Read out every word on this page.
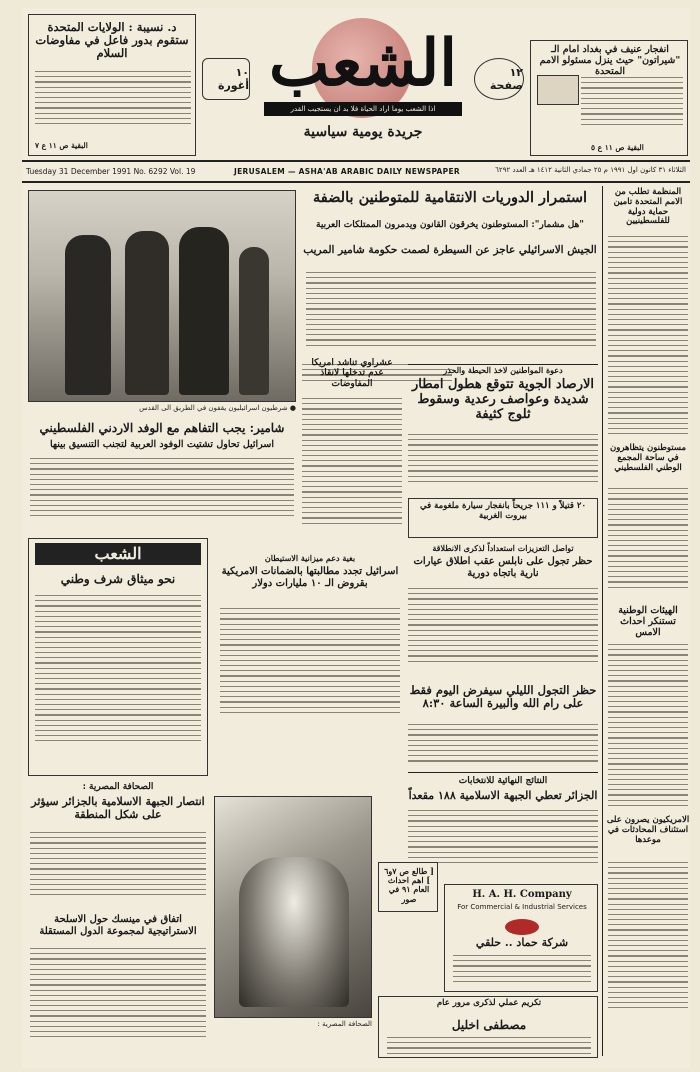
د. نسيبة : الولايات المتحدة ستقوم بدور فاعل في مفاوضات السلام
البقية ص ١١ ع ٧
١٠ أغورة الشعب
اذا الشعب يوما اراد الحياة فلا بد ان يستجيب القدر
جريدة يومية سياسية
١٢ صفحة
انفجار عنيف في بغداد امام الـ "شيراتون" حيث ينزل مسئولو الامم المتحدة
البقية ص ١١ ع ٥
Tuesday 31 December 1991 No. 6292 Vol. 19	JERUSALEM — ASHA'AB ARABIC DAILY NEWSPAPER	الثلاثاء ٣١ كانون اول ١٩٩١ م ٢٥ جمادي الثانية ١٤١٢ هـ العدد ٦٢٩٢
المنظمة تطلب من الامم المتحدة تامين حماية دولية للفلسطينيين
مستوطنون يتظاهرون في ساحة المجمع الوطني الفلسطيني
الهيئات الوطنية تستنكر احداث الامس
الامريكيون يصرون على استئناف المحادثات في موعدها
استمرار الدوريات الانتقامية للمتوطنين بالضفة
"هل مشمار": المستوطنون يخرقون القانون ويدمرون الممتلكات العربية
الجيش الاسرائيلي عاجز عن السيطرة لصمت حكومة شامير المريب
● شرطيون اسرائيليون يقفون في الطريق الى القدس
شامير: يجب التفاهم مع الوفد الاردني الفلسطيني
اسرائيل تحاول تشتيت الوفود العربية لتجنب التنسيق بينها
عشراوي تناشد امريكا عدم تدخلها لانقاذ المفاوضات
دعوة المواطنين لاخذ الحيطة والحذر
الارصاد الجوية تتوقع هطول امطار شديدة وعواصف رعدية وسقوط ثلوج كثيفة
٢٠ قتيلاً و ١١١ جريحاً بانفجار سيارة ملغومة في بيروت الغربية
تواصل التعزيزات استعداداً لذكرى الانطلاقة
حظر تجول على نابلس عقب اطلاق عيارات نارية باتجاه دورية
بغية دعم ميزانية الاستيطان
اسرائيل تجدد مطالبتها بالضمانات الامريكية بقروض الـ ١٠ مليارات دولار
حظر التجول الليلي سيفرض اليوم فقط على رام الله والبيرة الساعة ٨:٣٠
النتائج النهائية للانتخابات
الجزائر تعطي الجبهة الاسلامية ١٨٨ مقعداً
الشعب
نحو ميثاق شرف وطني
الصحافة المصرية :
انتصار الجبهة الاسلامية بالجزائر سيؤثر على شكل المنطقة
اتفاق في مينسك حول الاسلحة الاستراتيجية لمجموعة الدول المستقلة
الصحافة المصرية :
[ طالع ص ٧و٦ ] اهم احداث العام ٩١ في صور	H. A. H. Company
For Commercial & Industrial Services
شركة حماد .. حلقي
تكريم عملي لذكرى مرور عام
مصطفى اخليل
